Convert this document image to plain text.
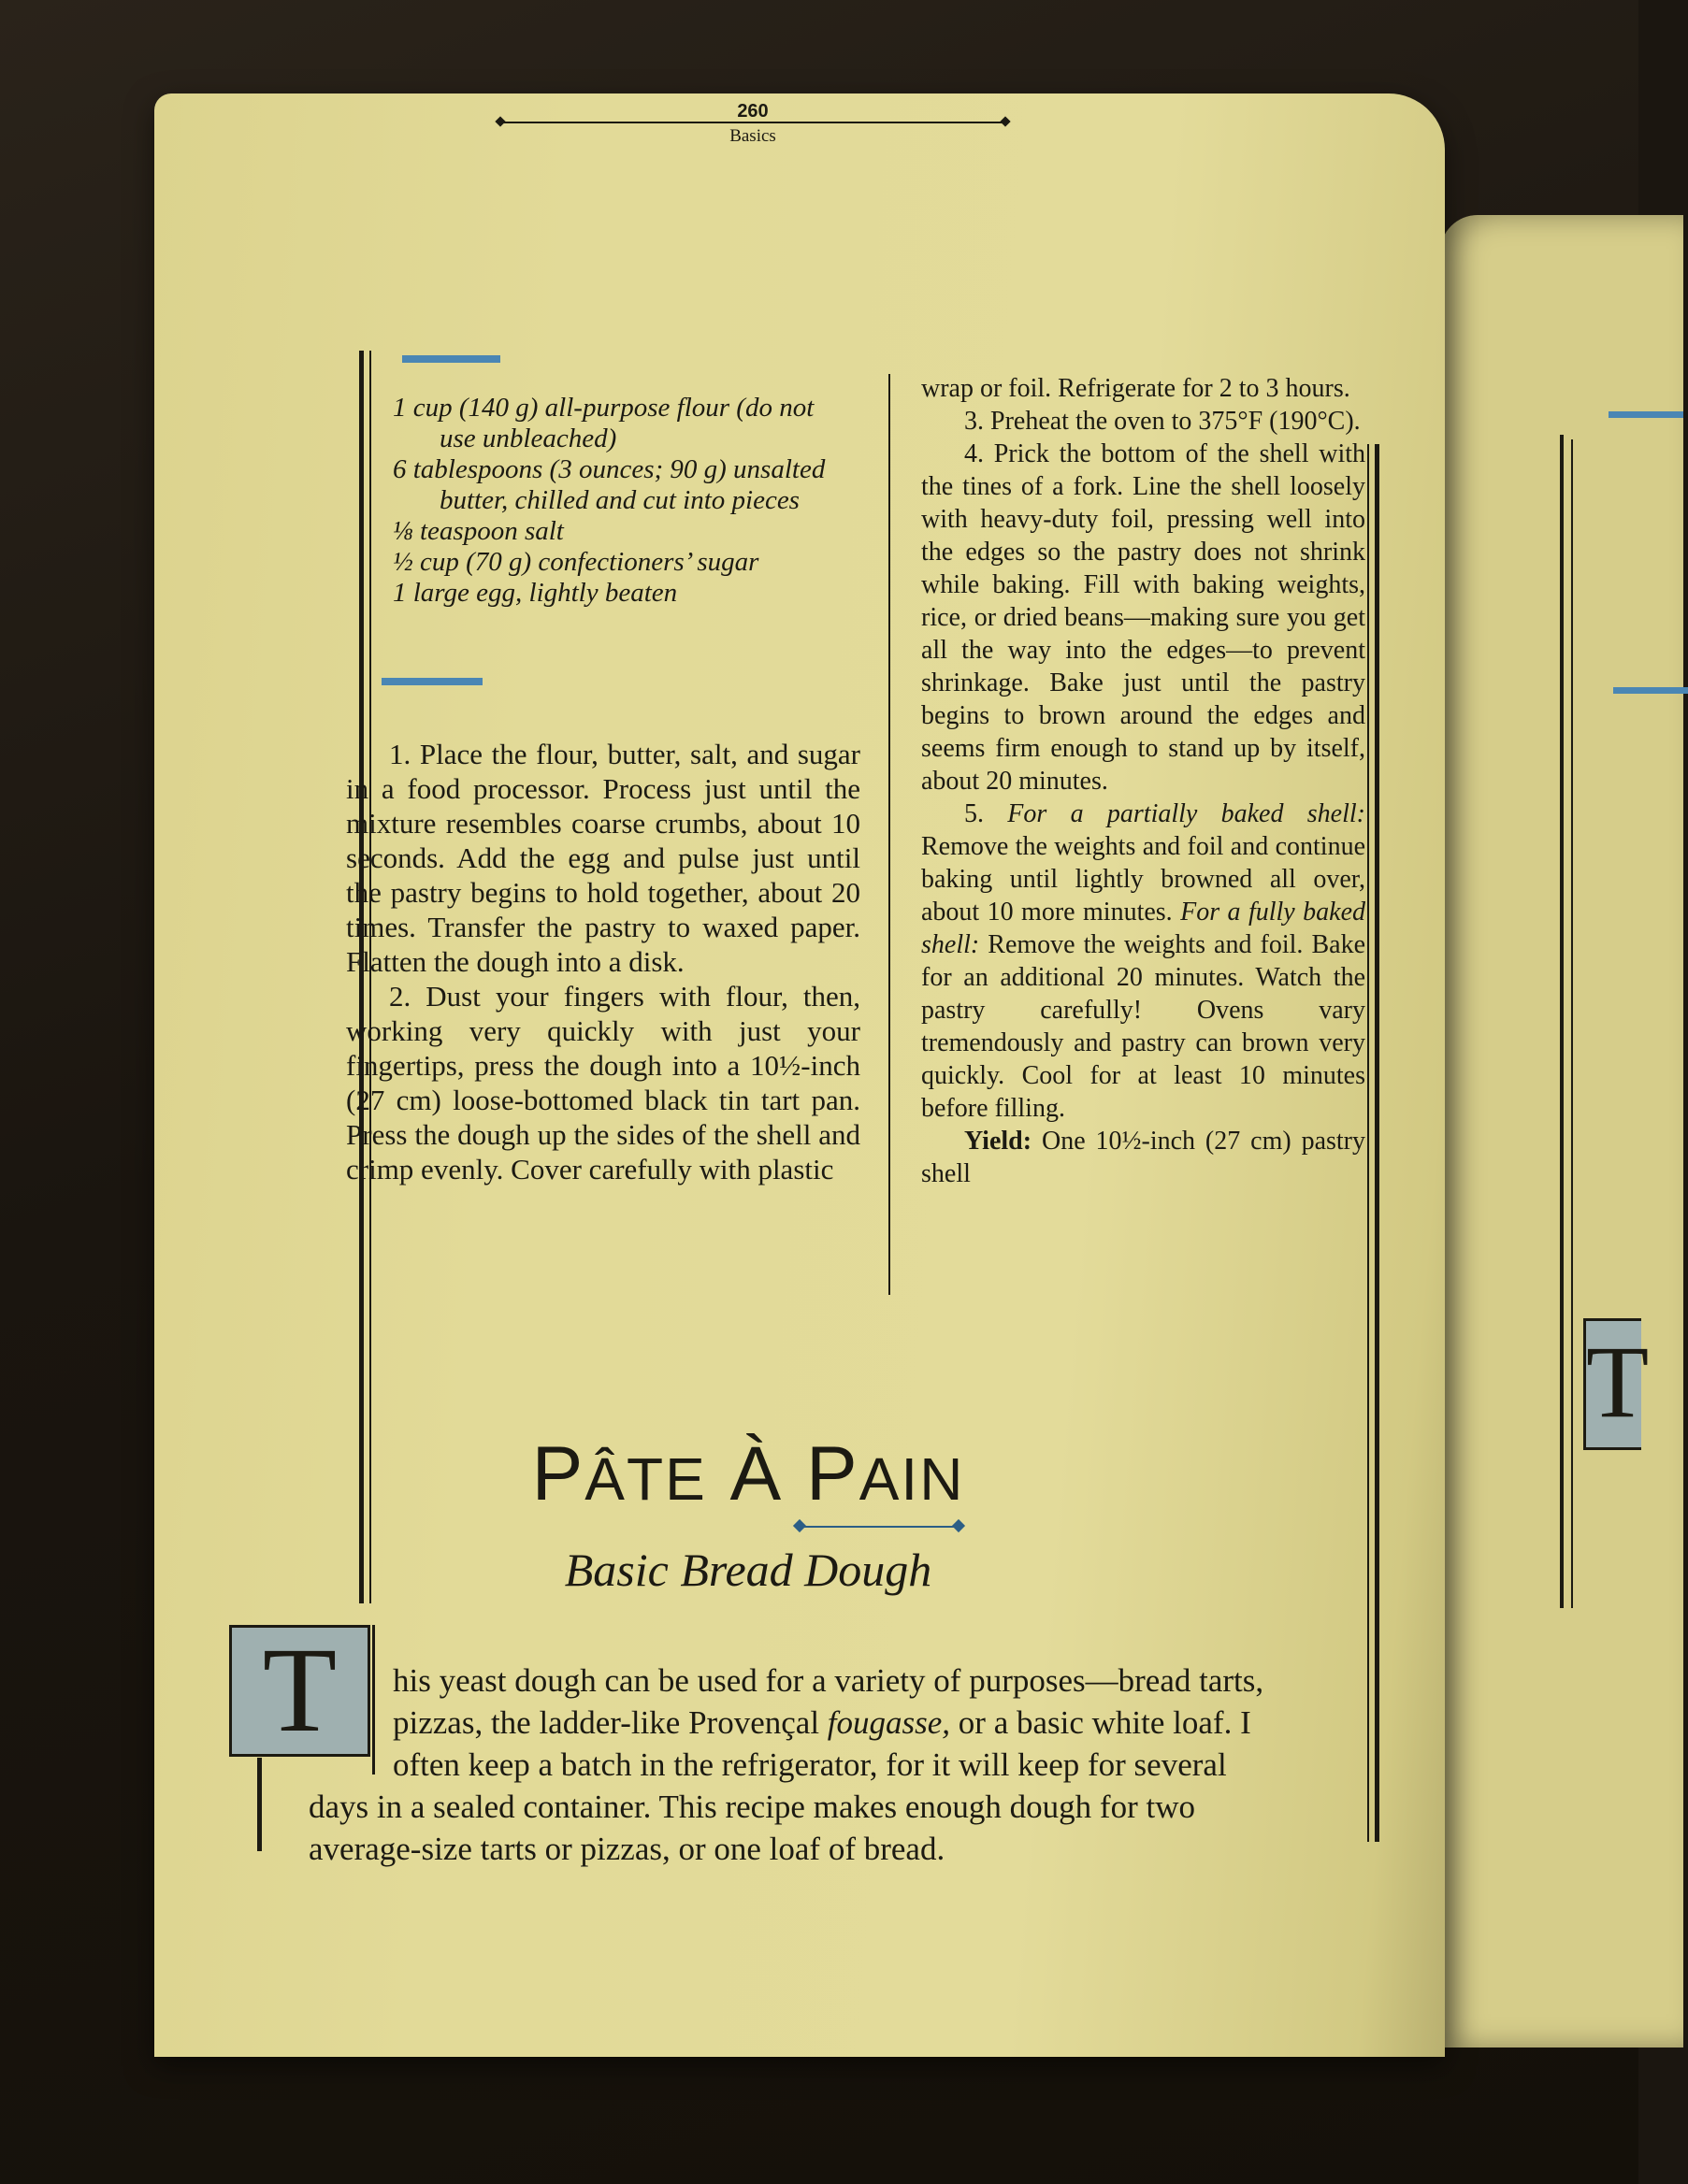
T
260
Basics
1 cup (140 g) all-purpose flour (do not use unbleached)
6 tablespoons (3 ounces; 90 g) unsalted butter, chilled and cut into pieces
⅛ teaspoon salt
½ cup (70 g) confectioners’ sugar
1 large egg, lightly beaten

1. Place the flour, butter, salt, and sugar in a food processor. Process just until the mixture resembles coarse crumbs, about 10 seconds. Add the egg and pulse just until the pastry begins to hold together, about 20 times. Transfer the pastry to waxed paper. Flatten the dough into a disk.

2. Dust your fingers with flour, then, working very quickly with just your fingertips, press the dough into a 10½-inch (27 cm) loose-bottomed black tin tart pan. Press the dough up the sides of the shell and crimp evenly. Cover carefully with plastic

wrap or foil. Refrigerate for 2 to 3 hours.

3. Preheat the oven to 375°F (190°C).

4. Prick the bottom of the shell with the tines of a fork. Line the shell loosely with heavy-duty foil, pressing well into the edges so the pastry does not shrink while baking. Fill with baking weights, rice, or dried beans—making sure you get all the way into the edges—to prevent shrinkage. Bake just until the pastry begins to brown around the edges and seems firm enough to stand up by itself, about 20 minutes.

5. For a partially baked shell: Remove the weights and foil and continue baking until lightly browned all over, about 10 more minutes. For a fully baked shell: Remove the weights and foil. Bake for an additional 20 minutes. Watch the pastry carefully! Ovens vary tremendously and pastry can brown very quickly. Cool for at least 10 minutes before filling.

Yield: One 10½-inch (27 cm) pastry shell

PÂTE À PAIN
Basic Bread Dough
T	his yeast dough can be used for a variety of purposes—bread tarts,
pizzas, the ladder-like Provençal fougasse, or a basic white loaf. I
often keep a batch in the refrigerator, for it will keep for several
days in a sealed container. This recipe makes enough dough for two
average-size tarts or pizzas, or one loaf of bread.
